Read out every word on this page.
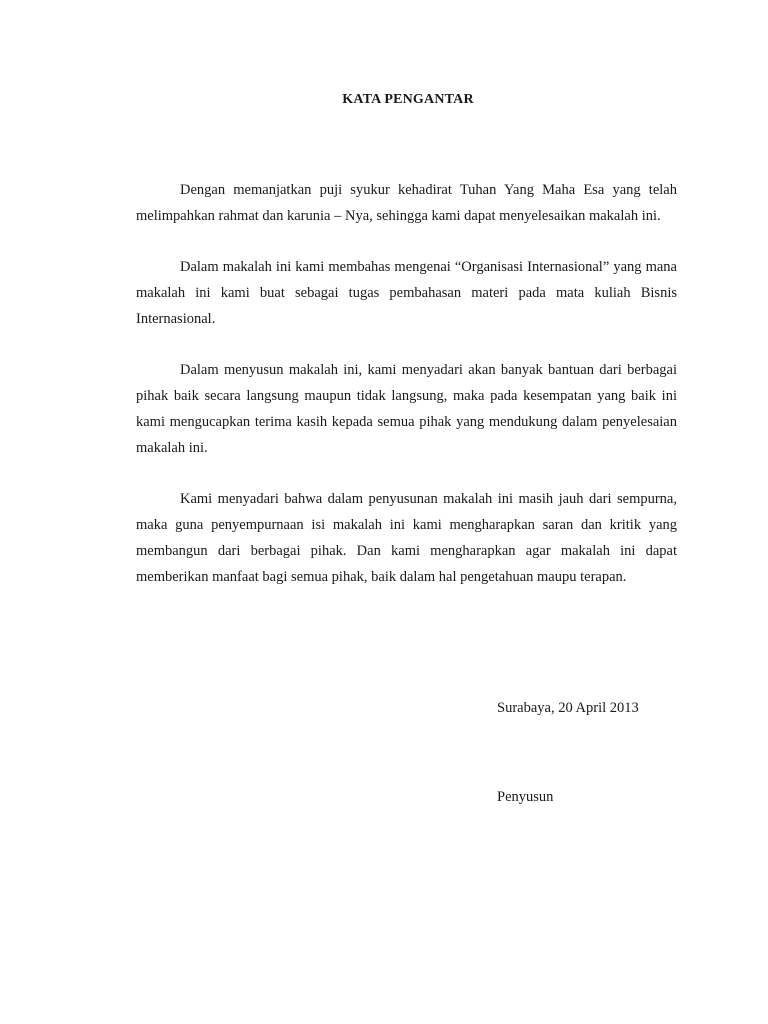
KATA PENGANTAR

Dengan memanjatkan puji syukur kehadirat Tuhan Yang Maha Esa yang telah melimpahkan rahmat dan karunia – Nya, sehingga kami dapat menyelesaikan makalah ini.

Dalam makalah ini kami membahas mengenai “Organisasi Internasional” yang mana makalah ini kami buat sebagai tugas pembahasan materi pada mata kuliah Bisnis Internasional.

Dalam menyusun makalah ini, kami menyadari akan banyak bantuan dari berbagai pihak baik secara langsung maupun tidak langsung, maka pada kesempatan yang baik ini kami mengucapkan terima kasih kepada semua pihak yang mendukung dalam penyelesaian makalah ini.

Kami menyadari bahwa dalam penyusunan makalah ini masih jauh dari sempurna, maka guna penyempurnaan isi makalah ini kami mengharapkan saran dan kritik yang membangun dari berbagai pihak. Dan kami mengharapkan agar makalah ini dapat memberikan manfaat bagi semua pihak, baik dalam hal pengetahuan maupu terapan.

Surabaya, 20 April 2013
Penyusun
